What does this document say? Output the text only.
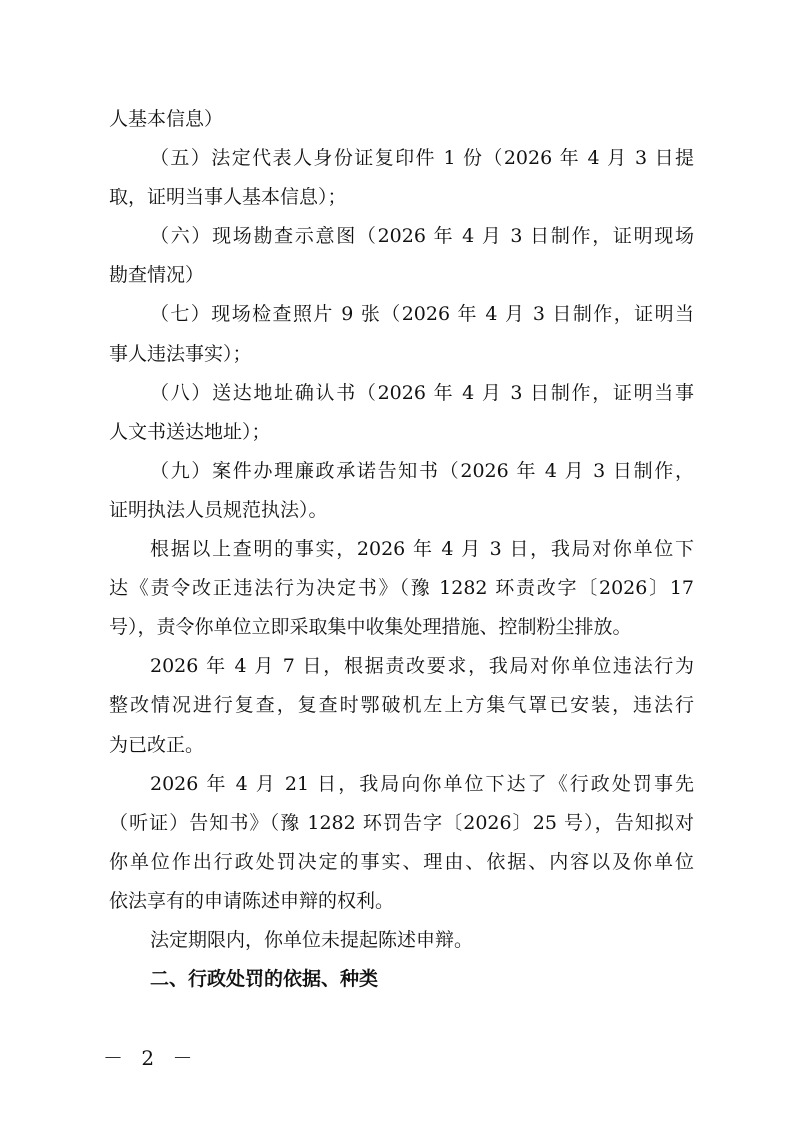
人基本信息）
（五）法定代表人身份证复印件 1 份（2026 年 4 月 3 日提
取，证明当事人基本信息）；
（六）现场勘查示意图（2026 年 4 月 3 日制作，证明现场
勘查情况）
（七）现场检查照片 9 张（2026 年 4 月 3 日制作，证明当
事人违法事实）；
（八）送达地址确认书（2026 年 4 月 3 日制作，证明当事
人文书送达地址）；
（九）案件办理廉政承诺告知书（2026 年 4 月 3 日制作，
证明执法人员规范执法）。
根据以上查明的事实，2026 年 4 月 3 日，我局对你单位下
达《责令改正违法行为决定书》（豫 1282 环责改字〔2026〕17
号），责令你单位立即采取集中收集处理措施、控制粉尘排放。
2026 年 4 月 7 日，根据责改要求，我局对你单位违法行为
整改情况进行复查，复查时鄂破机左上方集气罩已安装，违法行
为已改正。
2026 年 4 月 21 日，我局向你单位下达了《行政处罚事先
（听证）告知书》（豫 1282 环罚告字〔2026〕25 号），告知拟对
你单位作出行政处罚决定的事实、理由、依据、内容以及你单位
依法享有的申请陈述申辩的权利。
法定期限内，你单位未提起陈述申辩。
二、行政处罚的依据、种类
－ 2 －
